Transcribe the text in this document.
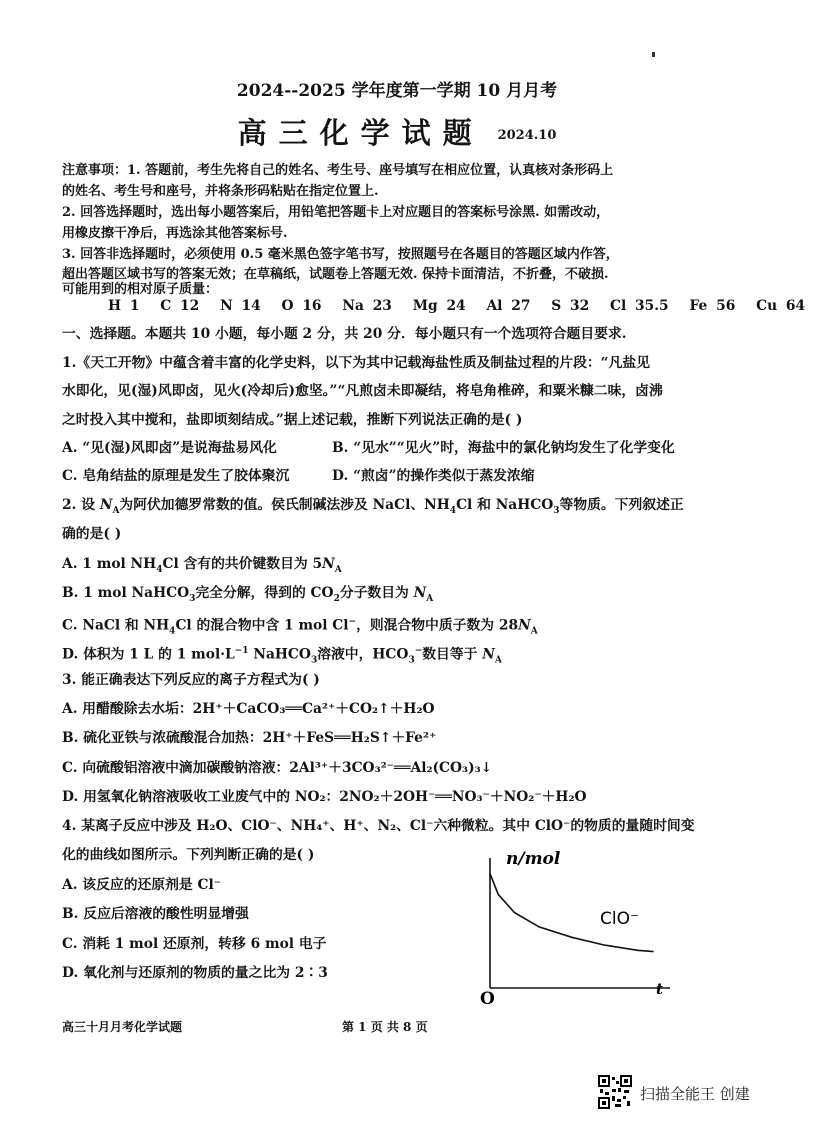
2024--2025 学年度第一学期 10 月月考
高三化学试题 $^{2024.10}$
注意事项：1. 答题前，考生先将自己的姓名、考生号、座号填写在相应位置，认真核对条形码上
的姓名、考生号和座号，并将条形码粘贴在指定位置上.
2. 回答选择题时，选出每小题答案后，用铅笔把答题卡上对应题目的答案标号涂黑. 如需改动，
用橡皮擦干净后，再选涂其他答案标号.
3. 回答非选择题时，必须使用 0.5 毫米黑色签字笔书写，按照题号在各题目的答题区域内作答，
超出答题区域书写的答案无效；在草稿纸，试题卷上答题无效. 保持卡面清洁，不折叠，不破损.
可能用到的相对原子质量：
H 1 C 12 N 14 O 16 Na 23 Mg 24 Al 27 S 32 Cl 35.5 Fe 56 Cu 64
一、选择题。本题共 10 小题，每小题 2 分，共 20 分．每小题只有一个选项符合题目要求.
1.《天工开物》中蕴含着丰富的化学史料，以下为其中记载海盐性质及制盐过程的片段：“凡盐见
水即化，见(湿)风即卤，见火(冷却后)愈坚。”“凡煎卤未即凝结，将皂角椎碎，和粟米糠二味，卤沸
之时投入其中搅和，盐即顷刻结成。”据上述记载，推断下列说法正确的是( )
A. “见(湿)风即卤”是说海盐易风化	B. “见水”“见火”时，海盐中的氯化钠均发生了化学变化
C. 皂角结盐的原理是发生了胶体聚沉	D. “煎卤”的操作类似于蒸发浓缩
2. 设 $N_A$为阿伏加德罗常数的值。侯氏制碱法涉及 NaCl、$NH_4Cl$ 和 NaHCO$_3$等物质。下列叙述正
确的是( )
A. 1 mol $NH_4Cl$ 含有的共价键数目为 $5N_A$
B. 1 mol NaHCO$_3$完全分解，得到的 $CO_2$分子数目为 $N_A$
C. NaCl 和 $NH_4Cl$ 的混合物中含 1 mol Cl−，则混合物中质子数为 $28N_A$
D. 体积为 1 L 的 1 $mol\cdot L^{-1}$ NaHCO$_3$溶液中，$HCO_3^-$数目等于 $N_A$
3. 能正确表达下列反应的离子方程式为( )
A. 用醋酸除去水垢：2H⁺＋CaCO₃══Ca²⁺＋CO₂↑＋H₂O
B. 硫化亚铁与浓硫酸混合加热：2H⁺＋FeS══H₂S↑＋Fe²⁺
C. 向硫酸铝溶液中滴加碳酸钠溶液：2Al³⁺＋3CO₃²⁻══Al₂(CO₃)₃↓
D. 用氢氧化钠溶液吸收工业废气中的 NO₂：2NO₂＋2OH⁻══NO₃⁻＋NO₂⁻＋H₂O
4. 某离子反应中涉及 H₂O、ClO⁻、NH₄⁺、H⁺、N₂、Cl⁻六种微粒。其中 ClO⁻的物质的量随时间变
化的曲线如图所示。下列判断正确的是( )
A. 该反应的还原剂是 Cl⁻
B. 反应后溶液的酸性明显增强
C. 消耗 1 mol 还原剂，转移 6 mol 电子
D. 氧化剂与还原剂的物质的量之比为 2∶3
n/mol
t
O
ClO⁻
高三十月月考化学试题	第 1 页 共 8 页
扫描全能王 创建
